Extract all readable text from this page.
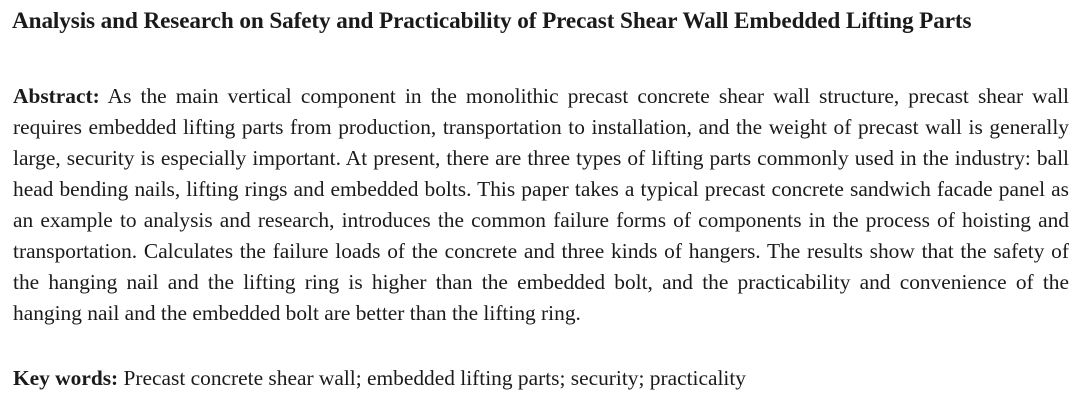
Analysis and Research on Safety and Practicability of Precast Shear Wall Embedded Lifting Parts

Abstract: As the main vertical component in the monolithic precast concrete shear wall structure, precast shear wall requires embedded lifting parts from production, transportation to installation, and the weight of precast wall is generally large, security is especially important. At present, there are three types of lifting parts commonly used in the industry: ball head bending nails, lifting rings and embedded bolts. This paper takes a typical precast concrete sandwich facade panel as an example to analysis and research, introduces the common failure forms of components in the process of hoisting and transportation. Calculates the failure loads of the concrete and three kinds of hangers. The results show that the safety of the hanging nail and the lifting ring is higher than the embedded bolt, and the practicability and convenience of the hanging nail and the embedded bolt are better than the lifting ring.

Key words: Precast concrete shear wall; embedded lifting parts; security; practicality
